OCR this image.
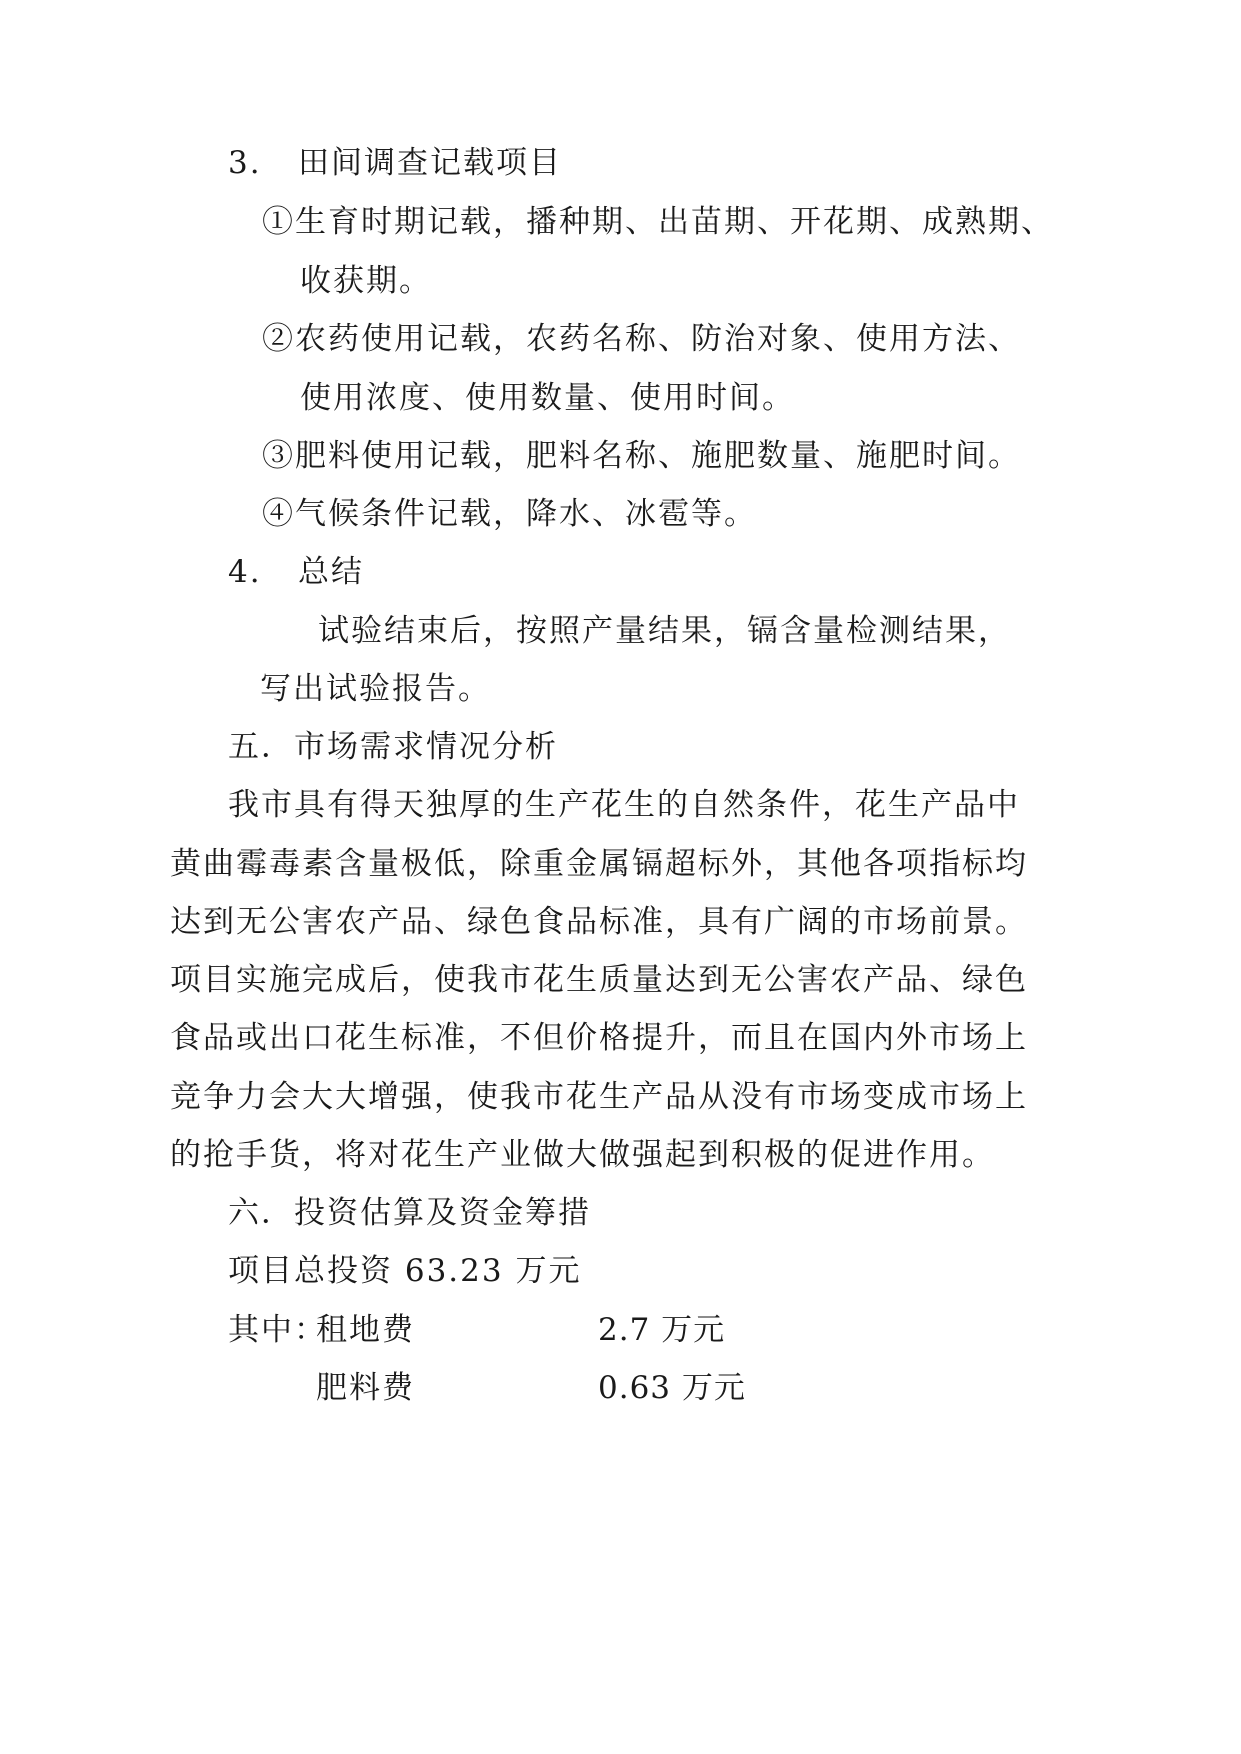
3. 田间调查记载项目
①生育时期记载，播种期、出苗期、开花期、成熟期、
收获期。
②农药使用记载，农药名称、防治对象、使用方法、
使用浓度、使用数量、使用时间。
③肥料使用记载，肥料名称、施肥数量、施肥时间。
④气候条件记载，降水、冰雹等。
4. 总结
试验结束后，按照产量结果，镉含量检测结果，
写出试验报告。
五．市场需求情况分析
我市具有得天独厚的生产花生的自然条件，花生产品中
黄曲霉毒素含量极低，除重金属镉超标外，其他各项指标均
达到无公害农产品、绿色食品标准，具有广阔的市场前景。
项目实施完成后，使我市花生质量达到无公害农产品、绿色
食品或出口花生标准，不但价格提升，而且在国内外市场上
竞争力会大大增强，使我市花生产品从没有市场变成市场上
的抢手货，将对花生产业做大做强起到积极的促进作用。
六．投资估算及资金筹措
项目总投资 63.23 万元
其中：
租地费	2.7 万元
肥料费	0.63 万元
